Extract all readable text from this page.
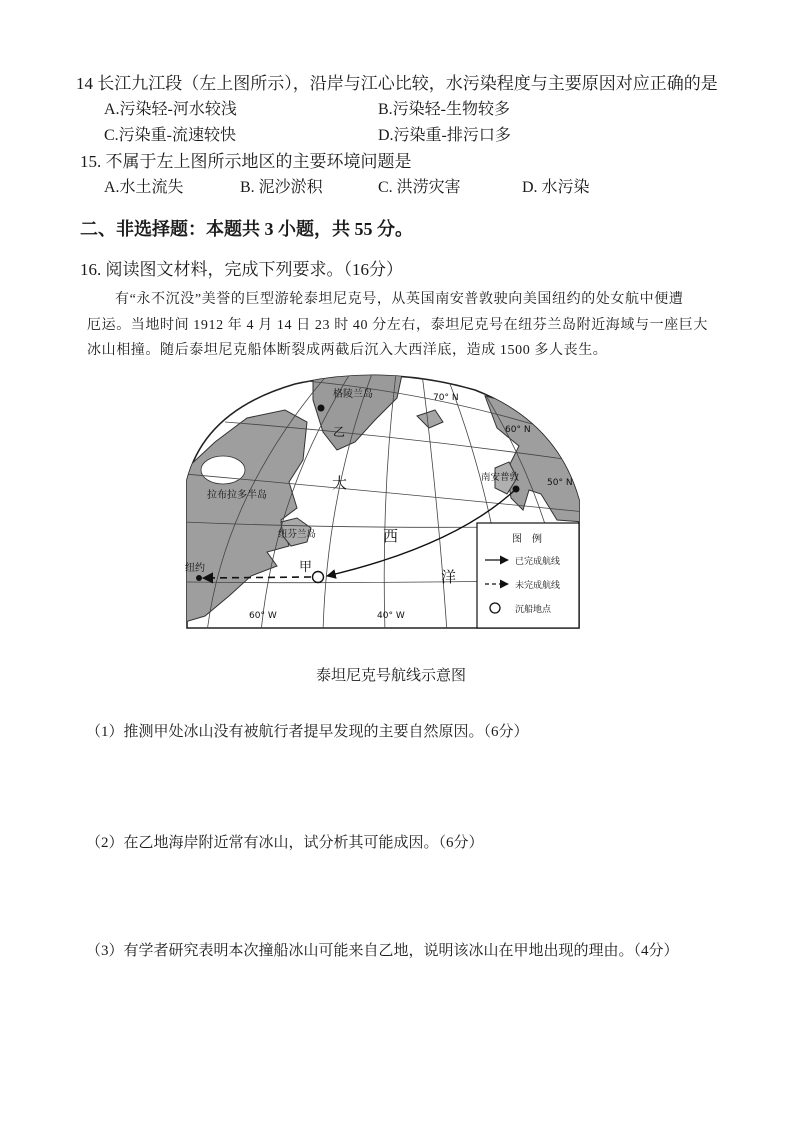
14 长江九江段（左上图所示），沿岸与江心比较，水污染程度与主要原因对应正确的是
A.污染轻-河水较浅	B.污染轻-生物较多
C.污染重-流速较快	D.污染重-排污口多
15. 不属于左上图所示地区的主要环境问题是
A.水土流失	B. 泥沙淤积	C. 洪涝灾害	D. 水污染
二、非选择题：本题共 3 小题，共 55 分。
16. 阅读图文材料，完成下列要求。（16分）
有“永不沉没”美誉的巨型游轮泰坦尼克号，从英国南安普敦驶向美国纽约的处女航中便遭
厄运。当地时间 1912 年 4 月 14 日 23 时 40 分左右，泰坦尼克号在纽芬兰岛附近海域与一座巨大
冰山相撞。随后泰坦尼克船体断裂成两截后沉入大西洋底，造成 1500 多人丧生。
格陵兰岛
乙
大
西
洋
拉布拉多半岛
纽芬兰岛
甲
纽约
南安普敦
70° N
60° N
50° N
60° W	40° W
图　例
已完成航线
未完成航线
沉船地点
泰坦尼克号航线示意图
（1）推测甲处冰山没有被航行者提早发现的主要自然原因。（6分）
（2）在乙地海岸附近常有冰山，试分析其可能成因。（6分）
（3）有学者研究表明本次撞船冰山可能来自乙地，说明该冰山在甲地出现的理由。（4分）
